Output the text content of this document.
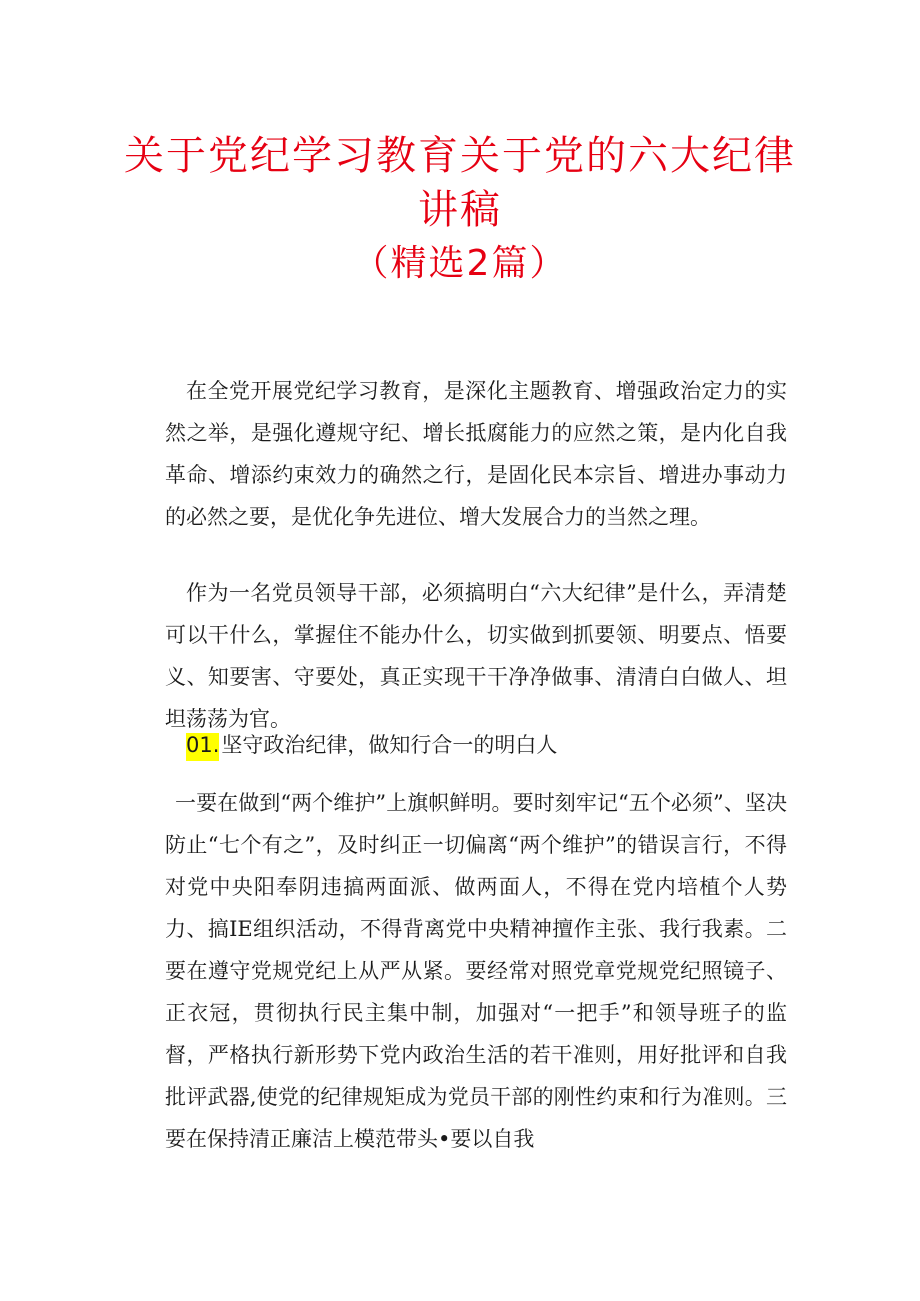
关于党纪学习教育关于党的六大纪律
讲稿
（精选2篇）

在全党开展党纪学习教育，是深化主题教育、增强政治定力的实然之举，是强化遵规守纪、增长抵腐能力的应然之策，是内化自我革命、增添约束效力的确然之行，是固化民本宗旨、增进办事动力的必然之要，是优化争先进位、增大发展合力的当然之理。

作为一名党员领导干部，必须搞明白“六大纪律”是什么，弄清楚可以干什么，掌握住不能办什么，切实做到抓要领、明要点、悟要义、知要害、守要处，真正实现干干净净做事、清清白白做人、坦坦荡荡为官。

01.坚守政治纪律，做知行合一的明白人

一要在做到“两个维护”上旗帜鲜明。要时刻牢记“五个必须”、坚决防止“七个有之”，及时纠正一切偏离“两个维护”的错误言行，不得对党中央阳奉阴违搞两面派、做两面人，不得在党内培植个人势力、搞IE组织活动，不得背离党中央精神擅作主张、我行我素。二要在遵守党规党纪上从严从紧。要经常对照党章党规党纪照镜子、正衣冠，贯彻执行民主集中制，加强对“一把手”和领导班子的监督，严格执行新形势下党内政治生活的若干准则，用好批评和自我批评武器,使党的纪律规矩成为党员干部的刚性约束和行为准则。三要在保持清正廉洁上模范带头•要以自我
